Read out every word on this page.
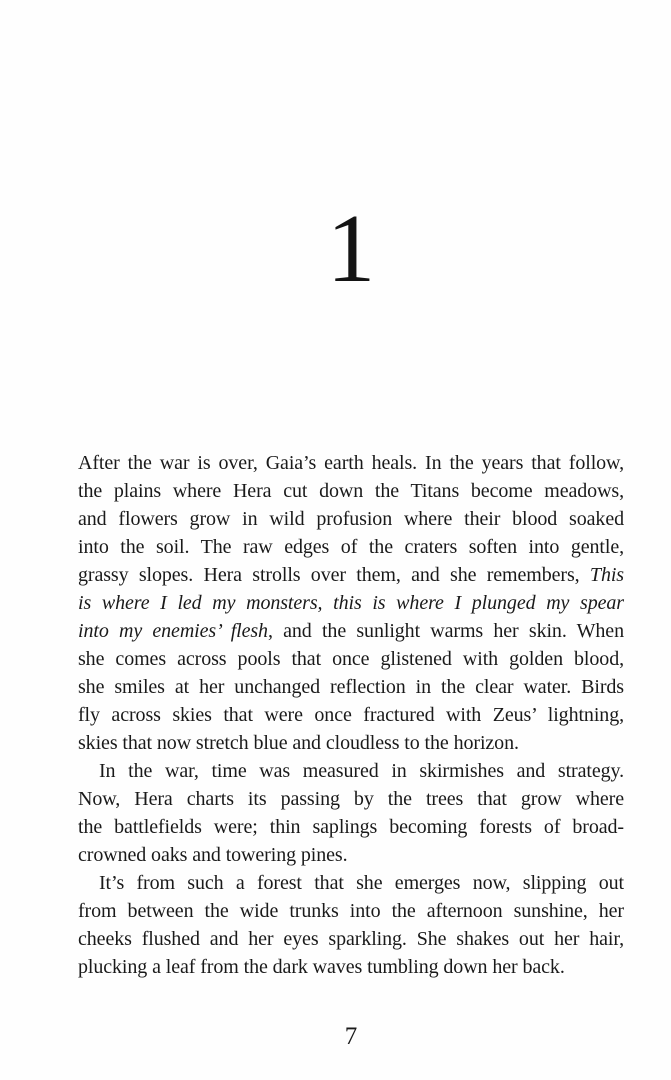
1
After the war is over, Gaia’s earth heals. In the years that follow,
the plains where Hera cut down the Titans become meadows,
and flowers grow in wild profusion where their blood soaked
into the soil. The raw edges of the craters soften into gentle,
grassy slopes. Hera strolls over them, and she remembers, This
is where I led my monsters, this is where I plunged my spear
into my enemies’ flesh, and the sunlight warms her skin. When
she comes across pools that once glistened with golden blood,
she smiles at her unchanged reflection in the clear water. Birds
fly across skies that were once fractured with Zeus’ lightning,
skies that now stretch blue and cloudless to the horizon.
In the war, time was measured in skirmishes and strategy.
Now, Hera charts its passing by the trees that grow where
the battlefields were; thin saplings becoming forests of broad-
crowned oaks and towering pines.
It’s from such a forest that she emerges now, slipping out
from between the wide trunks into the afternoon sunshine, her
cheeks flushed and her eyes sparkling. She shakes out her hair,
plucking a leaf from the dark waves tumbling down her back.
7
